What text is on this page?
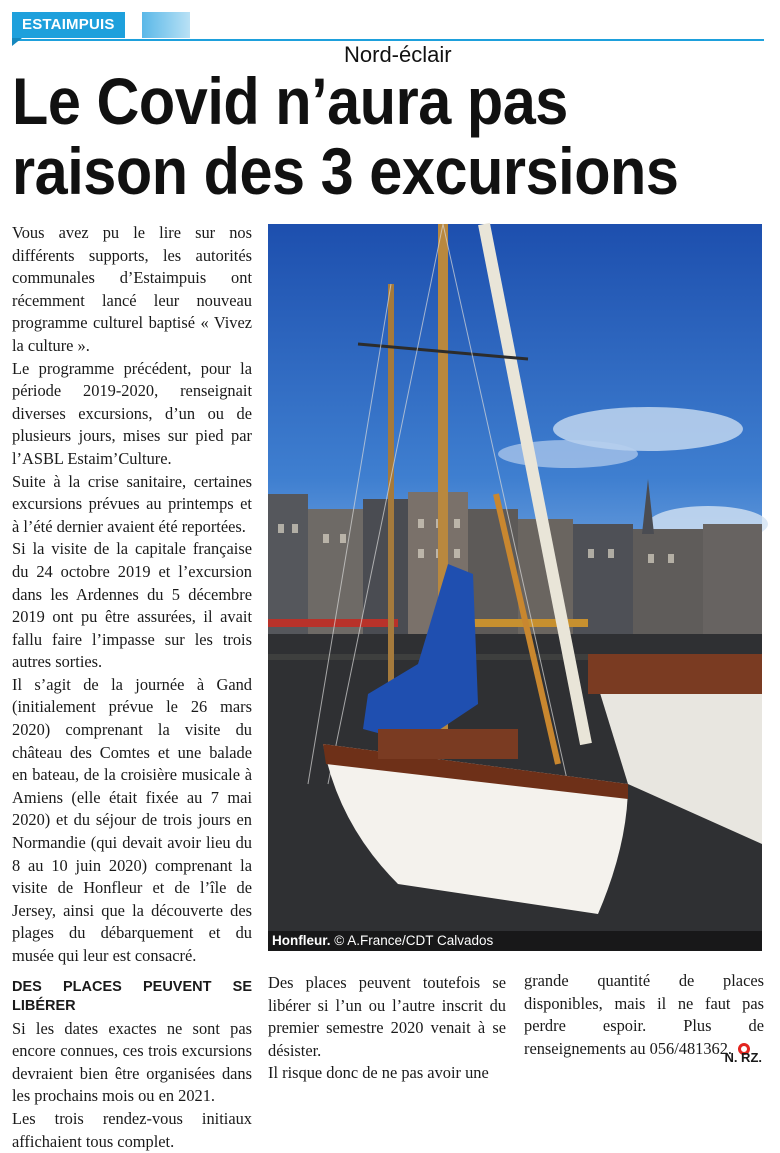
ESTAIMPUIS
Nord-éclair
Le Covid n’aura pas
raison des 3 excursions

Vous avez pu le lire sur nos différents supports, les autorités communales d’Estaimpuis ont récemment lancé leur nouveau programme culturel baptisé « Vivez la culture ».

Le programme précédent, pour la période 2019-2020, renseignait diverses excursions, d’un ou de plusieurs jours, mises sur pied par l’ASBL Estaim’Culture.

Suite à la crise sanitaire, certaines excursions prévues au printemps et à l’été dernier avaient été reportées.

Si la visite de la capitale française du 24 octobre 2019 et l’excursion dans les Ardennes du 5 décembre 2019 ont pu être assurées, il avait fallu faire l’impasse sur les trois autres sorties.

Il s’agit de la journée à Gand (initialement prévue le 26 mars 2020) comprenant la visite du château des Comtes et une balade en bateau, de la croisière musicale à Amiens (elle était fixée au 7 mai 2020) et du séjour de trois jours en Normandie (qui devait avoir lieu du 8 au 10 juin 2020) comprenant la visite de Honfleur et de l’île de Jersey, ainsi que la découverte des plages du débarquement et du musée qui leur est consacré.

DES PLACES PEUVENT SE LIBÉRER

Si les dates exactes ne sont pas encore connues, ces trois excursions devraient bien être organisées dans les prochains mois ou en 2021.

Les trois rendez-vous initiaux affichaient tous complet.

Honfleur. © A.France/CDT Calvados

Des places peuvent toutefois se libérer si l’un ou l’autre inscrit du premier semestre 2020 venait à se désister.

Il risque donc de ne pas avoir une

grande quantité de places disponibles, mais il ne faut pas perdre espoir. Plus de renseignements au 056/481362.

N. RZ.
